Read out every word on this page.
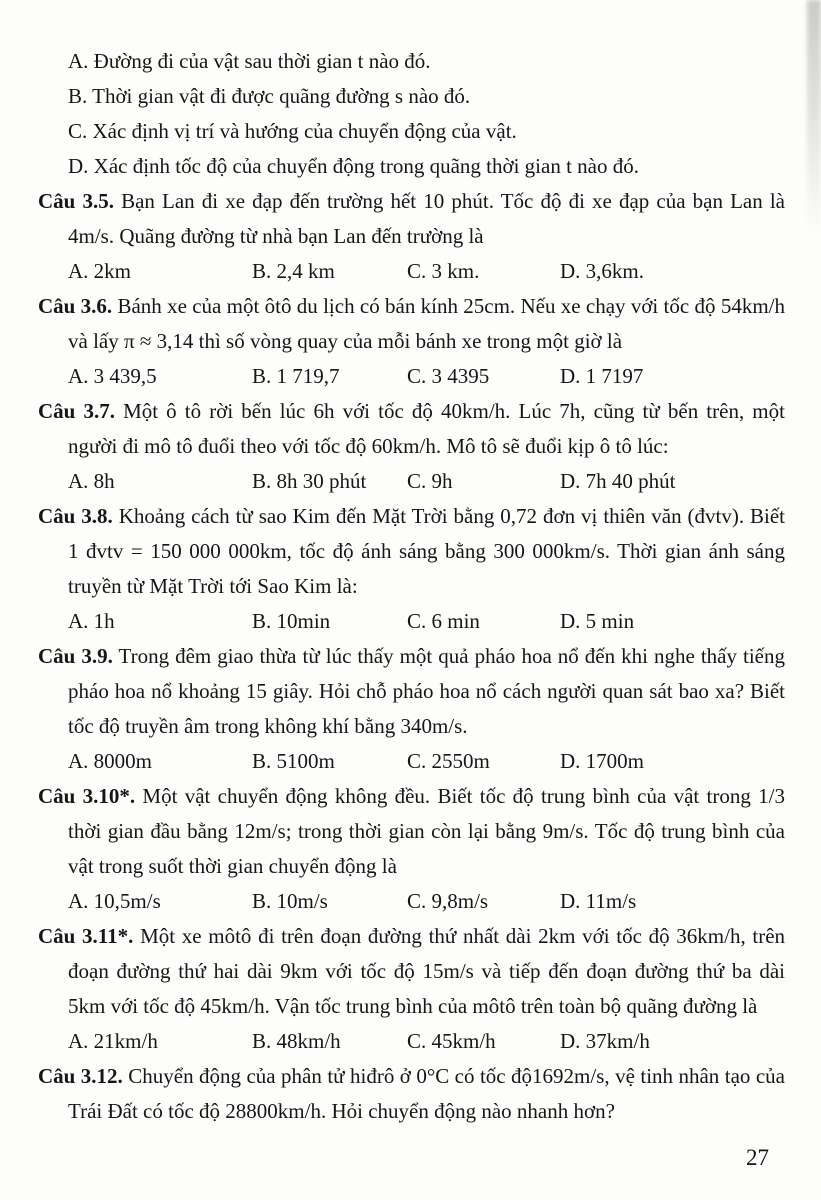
A. Đường đi của vật sau thời gian t nào đó.
B. Thời gian vật đi được quãng đường s nào đó.
C. Xác định vị trí và hướng của chuyển động của vật.
D. Xác định tốc độ của chuyển động trong quãng thời gian t nào đó.

Câu 3.5. Bạn Lan đi xe đạp đến trường hết 10 phút. Tốc độ đi xe đạp của bạn Lan là 4m/s. Quãng đường từ nhà bạn Lan đến trường là

A. 2km	B. 2,4 km	C. 3 km.	D. 3,6km.

Câu 3.6. Bánh xe của một ôtô du lịch có bán kính 25cm. Nếu xe chạy với tốc độ 54km/h và lấy π ≈ 3,14 thì số vòng quay của mỗi bánh xe trong một giờ là

A. 3 439,5	B. 1 719,7	C. 3 4395	D. 1 7197

Câu 3.7. Một ô tô rời bến lúc 6h với tốc độ 40km/h. Lúc 7h, cũng từ bến trên, một người đi mô tô đuổi theo với tốc độ 60km/h. Mô tô sẽ đuổi kịp ô tô lúc:

A. 8h	B. 8h 30 phút	C. 9h	D. 7h 40 phút

Câu 3.8. Khoảng cách từ sao Kim đến Mặt Trời bằng 0,72 đơn vị thiên văn (đvtv). Biết 1 đvtv = 150 000 000km, tốc độ ánh sáng bằng 300 000km/s. Thời gian ánh sáng truyền từ Mặt Trời tới Sao Kim là:

A. 1h	B. 10min	C. 6 min	D. 5 min

Câu 3.9. Trong đêm giao thừa từ lúc thấy một quả pháo hoa nổ đến khi nghe thấy tiếng pháo hoa nổ khoảng 15 giây. Hỏi chỗ pháo hoa nổ cách người quan sát bao xa? Biết tốc độ truyền âm trong không khí bằng 340m/s.

A. 8000m	B. 5100m	C. 2550m	D. 1700m

Câu 3.10*. Một vật chuyển động không đều. Biết tốc độ trung bình của vật trong 1/3 thời gian đầu bằng 12m/s; trong thời gian còn lại bằng 9m/s. Tốc độ trung bình của vật trong suốt thời gian chuyển động là

A. 10,5m/s	B. 10m/s	C. 9,8m/s	D. 11m/s

Câu 3.11*. Một xe môtô đi trên đoạn đường thứ nhất dài 2km với tốc độ 36km/h, trên đoạn đường thứ hai dài 9km với tốc độ 15m/s và tiếp đến đoạn đường thứ ba dài 5km với tốc độ 45km/h. Vận tốc trung bình của môtô trên toàn bộ quãng đường là

A. 21km/h	B. 48km/h	C. 45km/h	D. 37km/h

Câu 3.12. Chuyển động của phân tử hiđrô ở 0°C có tốc độ1692m/s, vệ tinh nhân tạo của Trái Đất có tốc độ 28800km/h. Hỏi chuyển động nào nhanh hơn?

27
